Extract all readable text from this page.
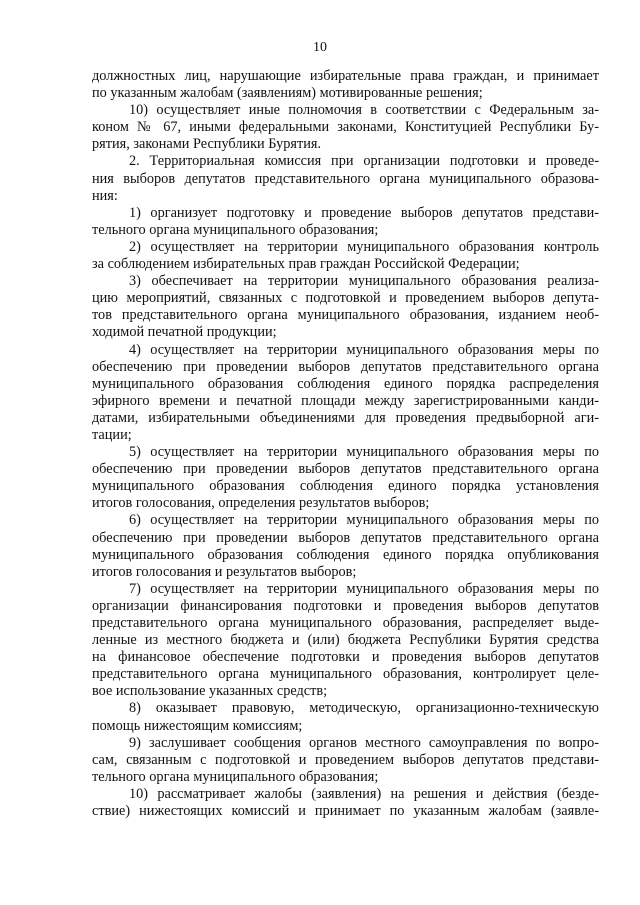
10
должностных лиц, нарушающие избирательные права граждан, и принимает
по указанным жалобам (заявлениям) мотивированные решения;
10) осуществляет иные полномочия в соответствии с Федеральным за-
коном № 67, иными федеральными законами, Конституцией Республики Бу-
рятия, законами Республики Бурятия.
2. Территориальная комиссия при организации подготовки и проведе-
ния выборов депутатов представительного органа муниципального образова-
ния:
1) организует подготовку и проведение выборов депутатов представи-
тельного органа муниципального образования;
2) осуществляет на территории муниципального образования контроль
за соблюдением избирательных прав граждан Российской Федерации;
3) обеспечивает на территории муниципального образования реализа-
цию мероприятий, связанных с подготовкой и проведением выборов депута-
тов представительного органа муниципального образования, изданием необ-
ходимой печатной продукции;
4) осуществляет на территории муниципального образования меры по
обеспечению при проведении выборов депутатов представительного органа
муниципального образования соблюдения единого порядка распределения
эфирного времени и печатной площади между зарегистрированными канди-
датами, избирательными объединениями для проведения предвыборной аги-
тации;
5) осуществляет на территории муниципального образования меры по
обеспечению при проведении выборов депутатов представительного органа
муниципального образования соблюдения единого порядка установления
итогов голосования, определения результатов выборов;
6) осуществляет на территории муниципального образования меры по
обеспечению при проведении выборов депутатов представительного органа
муниципального образования соблюдения единого порядка опубликования
итогов голосования и результатов выборов;
7) осуществляет на территории муниципального образования меры по
организации финансирования подготовки и проведения выборов депутатов
представительного органа муниципального образования, распределяет выде-
ленные из местного бюджета и (или) бюджета Республики Бурятия средства
на финансовое обеспечение подготовки и проведения выборов депутатов
представительного органа муниципального образования, контролирует целе-
вое использование указанных средств;
8) оказывает правовую, методическую, организационно-техническую
помощь нижестоящим комиссиям;
9) заслушивает сообщения органов местного самоуправления по вопро-
сам, связанным с подготовкой и проведением выборов депутатов представи-
тельного органа муниципального образования;
10) рассматривает жалобы (заявления) на решения и действия (безде-
ствие) нижестоящих комиссий и принимает по указанным жалобам (заявле-
